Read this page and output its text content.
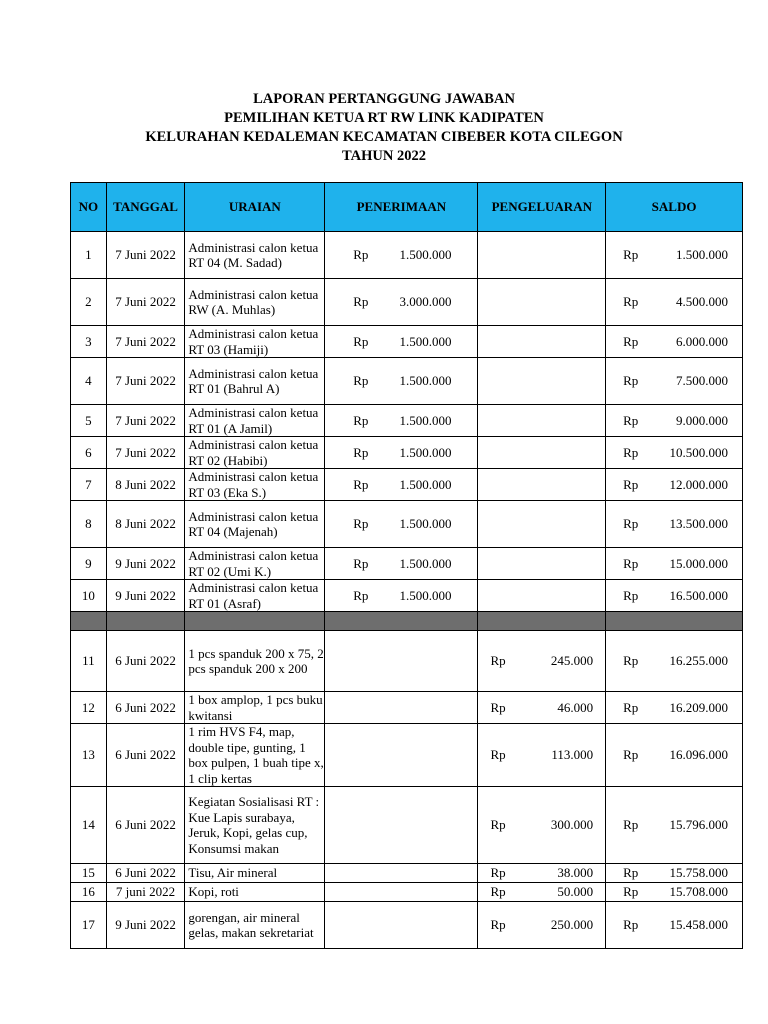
LAPORAN PERTANGGUNG JAWABAN
PEMILIHAN KETUA RT RW LINK KADIPATEN
KELURAHAN KEDALEMAN KECAMATAN CIBEBER KOTA CILEGON
TAHUN 2022
NO	TANGGAL	URAIAN	PENERIMAAN	PENGELUARAN	SALDO
1	7 Juni 2022	Administrasi calon ketua RT 04 (M. Sadad)	Rp 1.500.000		Rp 1.500.000

2	7 Juni 2022	Administrasi calon ketua RW (A. Muhlas)	Rp 3.000.000		Rp 4.500.000

3	7 Juni 2022	Administrasi calon ketua RT 03 (Hamiji)	Rp 1.500.000		Rp 6.000.000

4	7 Juni 2022	Administrasi calon ketua RT 01 (Bahrul A)	Rp 1.500.000		Rp 7.500.000

5	7 Juni 2022	Administrasi calon ketua RT 01 (A Jamil)	Rp 1.500.000		Rp 9.000.000

6	7 Juni 2022	Administrasi calon ketua RT 02 (Habibi)	Rp 1.500.000		Rp 10.500.000

7	8 Juni 2022	Administrasi calon ketua RT 03 (Eka S.)	Rp 1.500.000		Rp 12.000.000

8	8 Juni 2022	Administrasi calon ketua RT 04 (Majenah)	Rp 1.500.000		Rp 13.500.000

9	9 Juni 2022	Administrasi calon ketua RT 02 (Umi K.)	Rp 1.500.000		Rp 15.000.000

10	9 Juni 2022	Administrasi calon ketua RT 01 (Asraf)	Rp 1.500.000		Rp 16.500.000

11	6 Juni 2022	1 pcs spanduk 200 x 75, 2 pcs spanduk 200 x 200		Rp 245.000	Rp 16.255.000

12	6 Juni 2022	1 box amplop, 1 pcs buku kwitansi		Rp 46.000	Rp 16.209.000

13	6 Juni 2022	1 rim HVS F4, map, double tipe, gunting, 1 box pulpen, 1 buah tipe x, 1 clip kertas		Rp 113.000	Rp 16.096.000

14	6 Juni 2022	Kegiatan Sosialisasi RT : Kue Lapis surabaya, Jeruk, Kopi, gelas cup, Konsumsi makan		Rp 300.000	Rp 15.796.000

15	6 Juni 2022	Tisu, Air mineral		Rp 38.000	Rp 15.758.000

16	7 juni 2022	Kopi, roti		Rp 50.000	Rp 15.708.000

17	9 Juni 2022	gorengan, air mineral gelas, makan sekretariat		Rp 250.000	Rp 15.458.000
